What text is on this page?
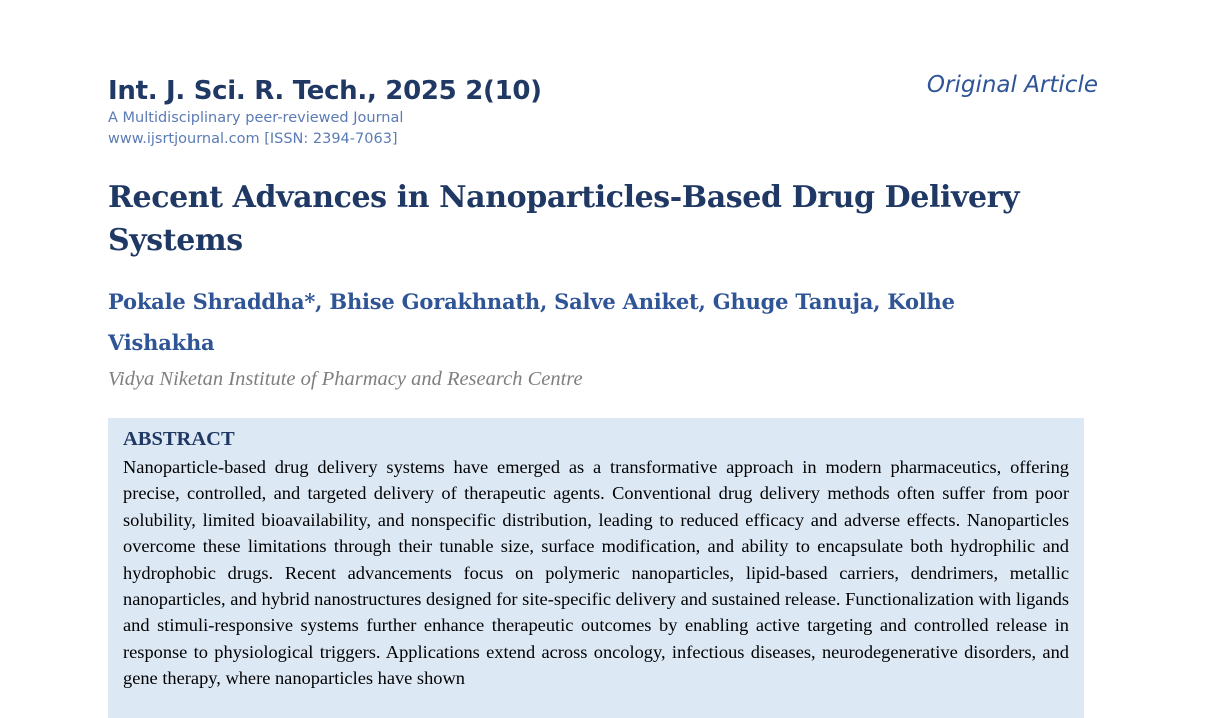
Int. J. Sci. R. Tech., 2025 2(10)	Original Article
A Multidisciplinary peer-reviewed Journal
www.ijsrtjournal.com [ISSN: 2394-7063]
Recent Advances in Nanoparticles-Based Drug Delivery Systems
Pokale Shraddha*, Bhise Gorakhnath, Salve Aniket, Ghuge Tanuja, Kolhe Vishakha
Vidya Niketan Institute of Pharmacy and Research Centre
ABSTRACT

Nanoparticle-based drug delivery systems have emerged as a transformative approach in modern pharmaceutics, offering precise, controlled, and targeted delivery of therapeutic agents. Conventional drug delivery methods often suffer from poor solubility, limited bioavailability, and nonspecific distribution, leading to reduced efficacy and adverse effects. Nanoparticles overcome these limitations through their tunable size, surface modification, and ability to encapsulate both hydrophilic and hydrophobic drugs. Recent advancements focus on polymeric nanoparticles, lipid-based carriers, dendrimers, metallic nanoparticles, and hybrid nanostructures designed for site-specific delivery and sustained release. Functionalization with ligands and stimuli-responsive systems further enhance therapeutic outcomes by enabling active targeting and controlled release in response to physiological triggers. Applications extend across oncology, infectious diseases, neurodegenerative disorders, and gene therapy, where nanoparticles have shown
